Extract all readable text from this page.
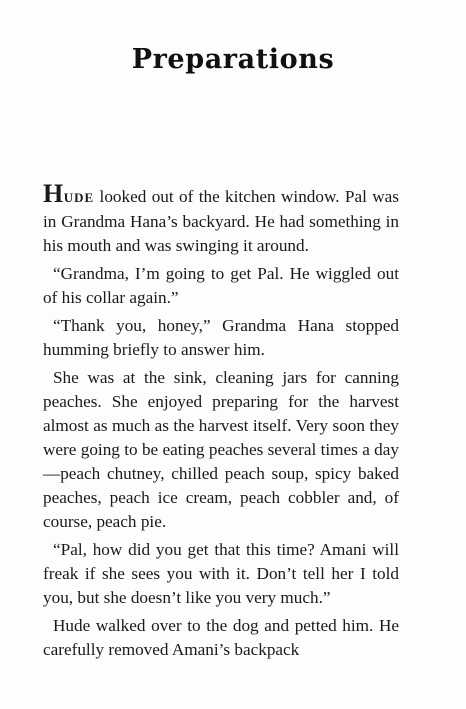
Preparations

HUDE looked out of the kitchen window. Pal was in Grandma Hana’s backyard. He had something in his mouth and was swinging it around.

“Grandma, I’m going to get Pal. He wiggled out of his collar again.”

“Thank you, honey,” Grandma Hana stopped humming briefly to answer him.

She was at the sink, cleaning jars for canning peaches. She enjoyed preparing for the harvest almost as much as the harvest itself. Very soon they were going to be eating peaches several times a day—peach chutney, chilled peach soup, spicy baked peaches, peach ice cream, peach cobbler and, of course, peach pie.

“Pal, how did you get that this time? Amani will freak if she sees you with it. Don’t tell her I told you, but she doesn’t like you very much.”

Hude walked over to the dog and petted him. He carefully removed Amani’s backpack
